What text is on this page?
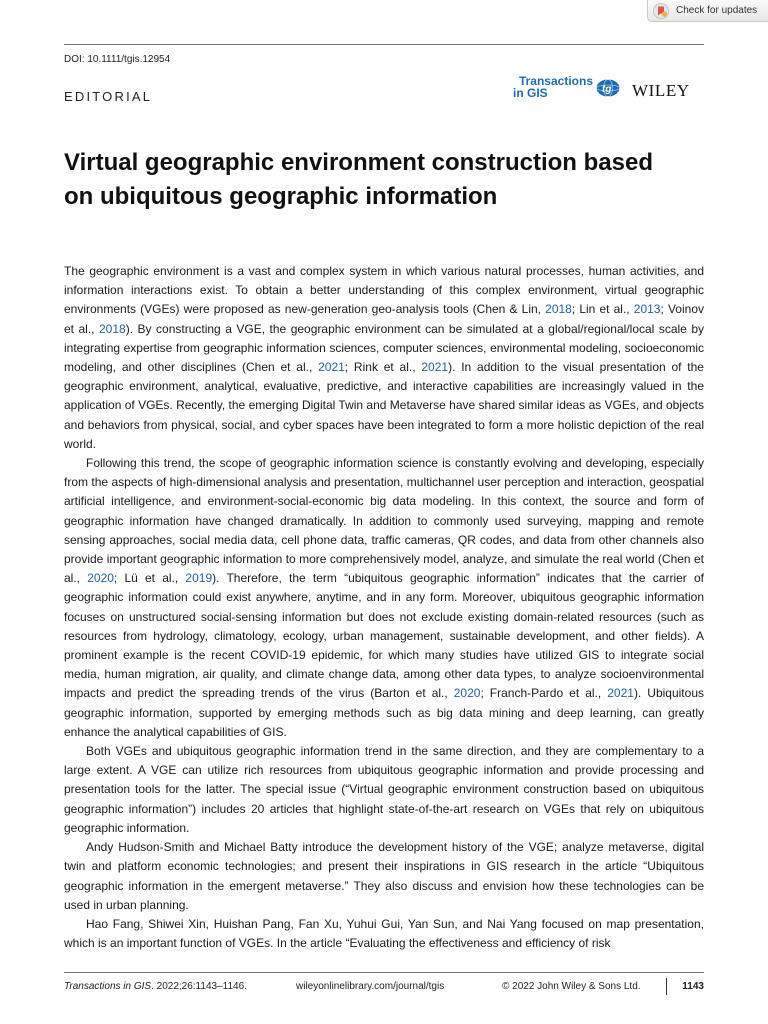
Check for updates
DOI: 10.1111/tgis.12954
EDITORIAL
Transactions
in GIS	tg WILEY
Virtual geographic environment construction based on ubiquitous geographic information

The geographic environment is a vast and complex system in which various natural processes, human activities, and information interactions exist. To obtain a better understanding of this complex environment, virtual geographic environments (VGEs) were proposed as new-generation geo-analysis tools (Chen & Lin, 2018; Lin et al., 2013; Voinov et al., 2018). By constructing a VGE, the geographic environment can be simulated at a global/regional/local scale by integrating expertise from geographic information sciences, computer sciences, environmental modeling, socioeconomic modeling, and other disciplines (Chen et al., 2021; Rink et al., 2021). In addition to the visual presentation of the geographic environment, analytical, evaluative, predictive, and interactive capabilities are increasingly valued in the application of VGEs. Recently, the emerging Digital Twin and Metaverse have shared similar ideas as VGEs, and objects and behaviors from physical, social, and cyber spaces have been integrated to form a more holistic depiction of the real world.

Following this trend, the scope of geographic information science is constantly evolving and developing, especially from the aspects of high-dimensional analysis and presentation, multichannel user perception and interaction, geospatial artificial intelligence, and environment-social-economic big data modeling. In this context, the source and form of geographic information have changed dramatically. In addition to commonly used surveying, mapping and remote sensing approaches, social media data, cell phone data, traffic cameras, QR codes, and data from other channels also provide important geographic information to more comprehensively model, analyze, and simulate the real world (Chen et al., 2020; Lü et al., 2019). Therefore, the term “ubiquitous geographic information” indicates that the carrier of geographic information could exist anywhere, anytime, and in any form. Moreover, ubiquitous geographic information focuses on unstructured social-sensing information but does not exclude existing domain-related resources (such as resources from hydrology, climatology, ecology, urban management, sustainable development, and other fields). A prominent example is the recent COVID-19 epidemic, for which many studies have utilized GIS to integrate social media, human migration, air quality, and climate change data, among other data types, to analyze socioenvironmental impacts and predict the spreading trends of the virus (Barton et al., 2020; Franch-Pardo et al., 2021). Ubiquitous geographic information, supported by emerging methods such as big data mining and deep learning, can greatly enhance the analytical capabilities of GIS.

Both VGEs and ubiquitous geographic information trend in the same direction, and they are complementary to a large extent. A VGE can utilize rich resources from ubiquitous geographic information and provide processing and presentation tools for the latter. The special issue (“Virtual geographic environment construction based on ubiquitous geographic information”) includes 20 articles that highlight state-of-the-art research on VGEs that rely on ubiquitous geographic information.

Andy Hudson-Smith and Michael Batty introduce the development history of the VGE; analyze metaverse, digital twin and platform economic technologies; and present their inspirations in GIS research in the article “Ubiquitous geographic information in the emergent metaverse.” They also discuss and envision how these technologies can be used in urban planning.

Hao Fang, Shiwei Xin, Huishan Pang, Fan Xu, Yuhui Gui, Yan Sun, and Nai Yang focused on map presentation, which is an important function of VGEs. In the article “Evaluating the effectiveness and efficiency of risk

Transactions in GIS. 2022;26:1143–1146.	wileyonlinelibrary.com/journal/tgis	© 2022 John Wiley & Sons Ltd.	1143
